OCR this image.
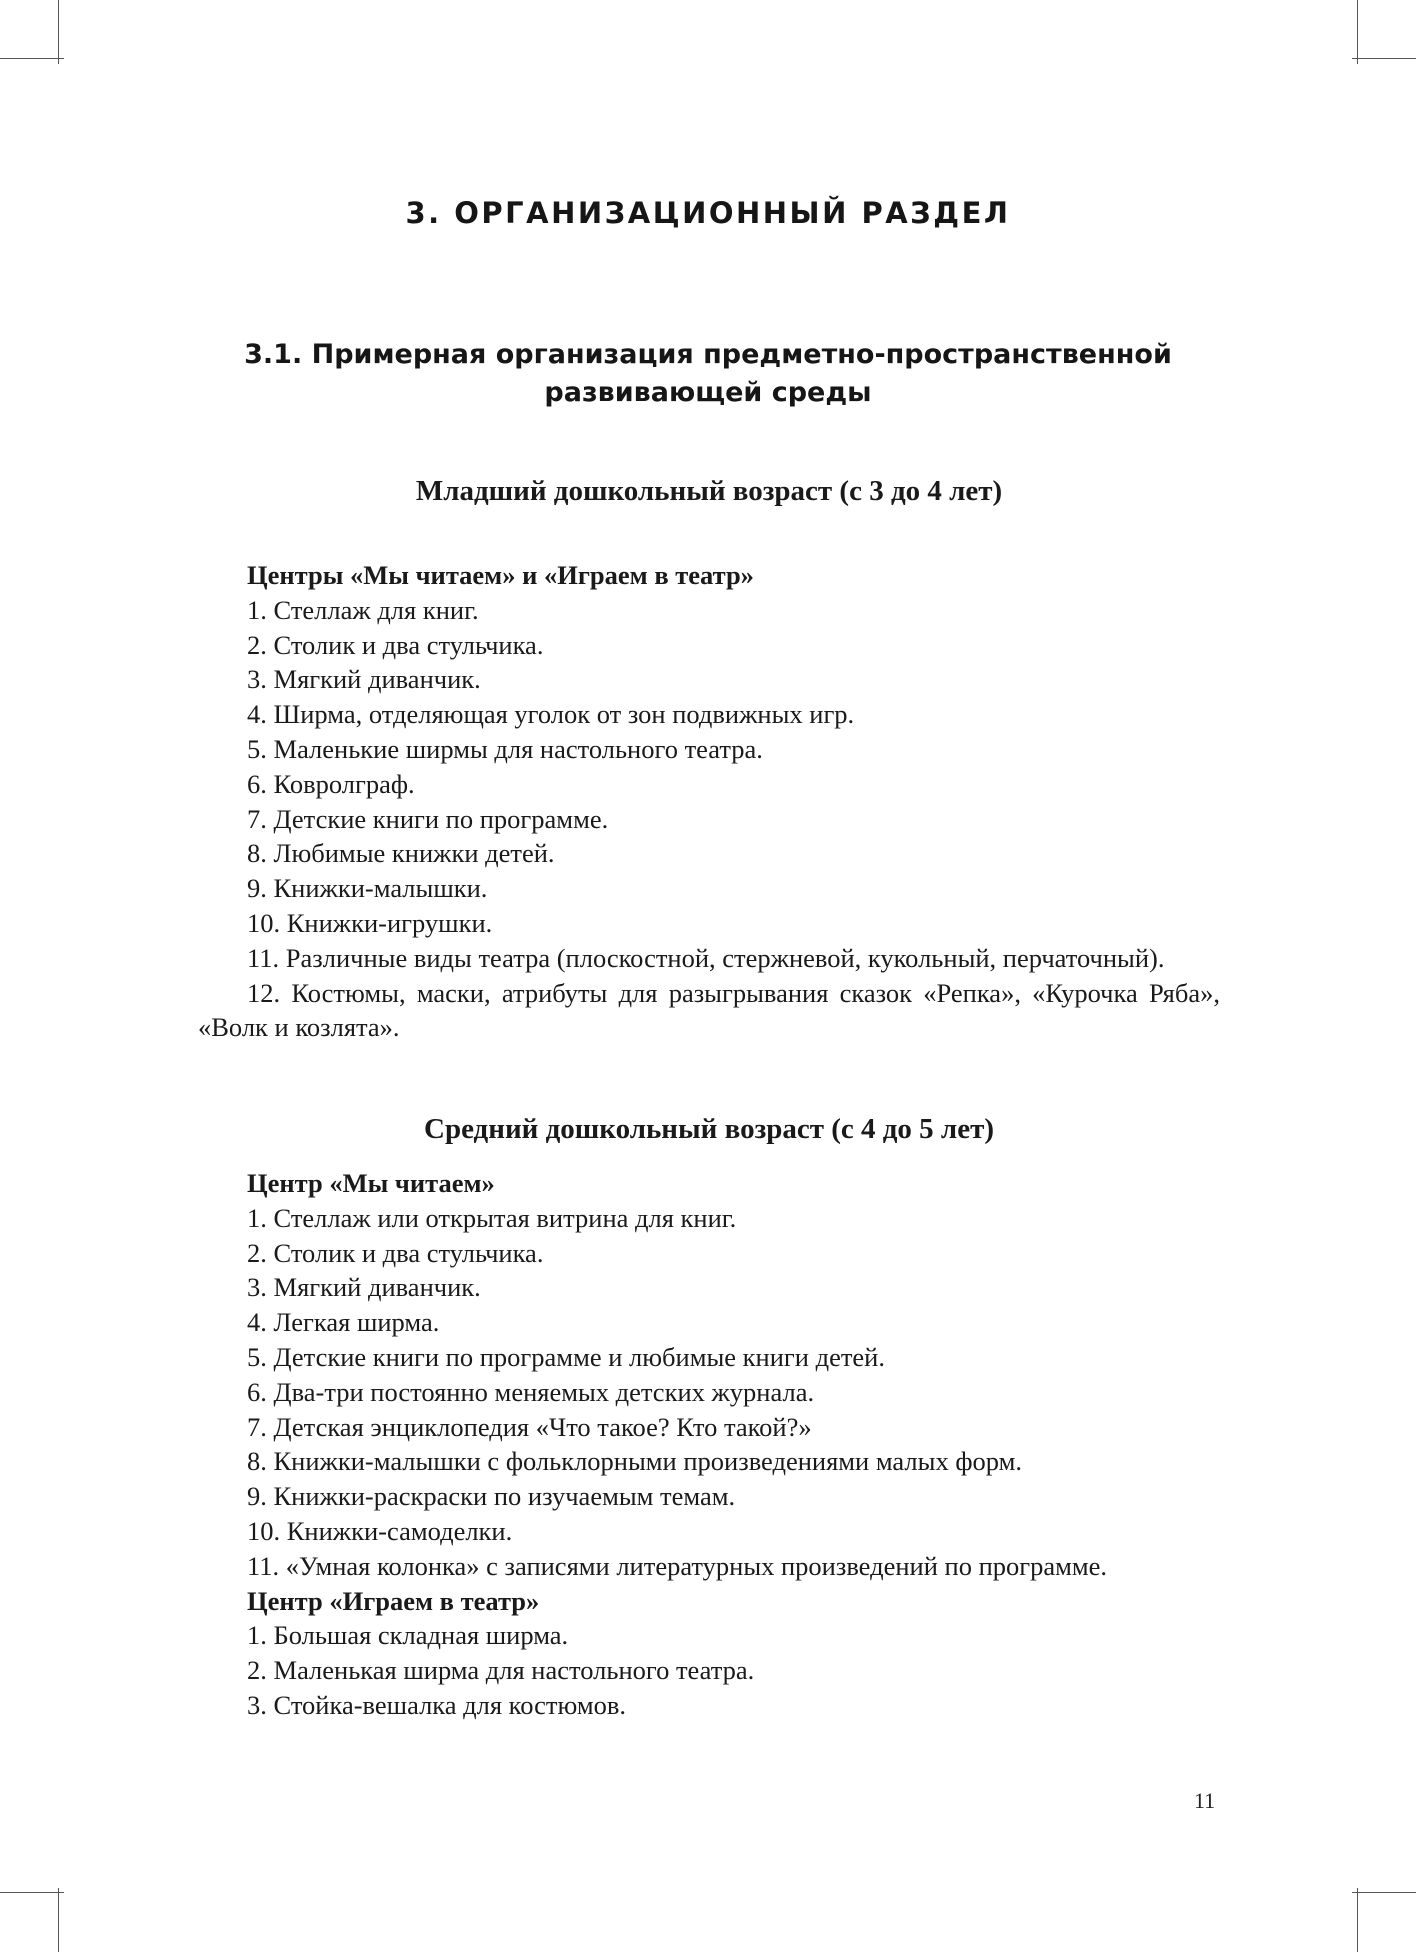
3. ОРГАНИЗАЦИОННЫЙ РАЗДЕЛ
3.1. Примерная организация предметно-пространственной
развивающей среды
Младший дошкольный возраст (с 3 до 4 лет)

Центры «Мы читаем» и «Играем в театр»

1. Стеллаж для книг.

2. Столик и два стульчика.

3. Мягкий диванчик.

4. Ширма, отделяющая уголок от зон подвижных игр.

5. Маленькие ширмы для настольного театра.

6. Ковролграф.

7. Детские книги по программе.

8. Любимые книжки детей.

9. Книжки-малышки.

10. Книжки-игрушки.

11. Различные виды театра (плоскостной, стержневой, кукольный, перчаточный).

12. Костюмы, маски, атрибуты для разыгрывания сказок «Репка», «Курочка Ряба», «Волк и козлята».

Средний дошкольный возраст (с 4 до 5 лет)

Центр «Мы читаем»

1. Стеллаж или открытая витрина для книг.

2. Столик и два стульчика.

3. Мягкий диванчик.

4. Легкая ширма.

5. Детские книги по программе и любимые книги детей.

6. Два-три постоянно меняемых детских журнала.

7. Детская энциклопедия «Что такое? Кто такой?»

8. Книжки-малышки с фольклорными произведениями малых форм.

9. Книжки-раскраски по изучаемым темам.

10. Книжки-самоделки.

11. «Умная колонка» с записями литературных произведений по программе.

Центр «Играем в театр»

1. Большая складная ширма.

2. Маленькая ширма для настольного театра.

3. Стойка-вешалка для костюмов.

11
